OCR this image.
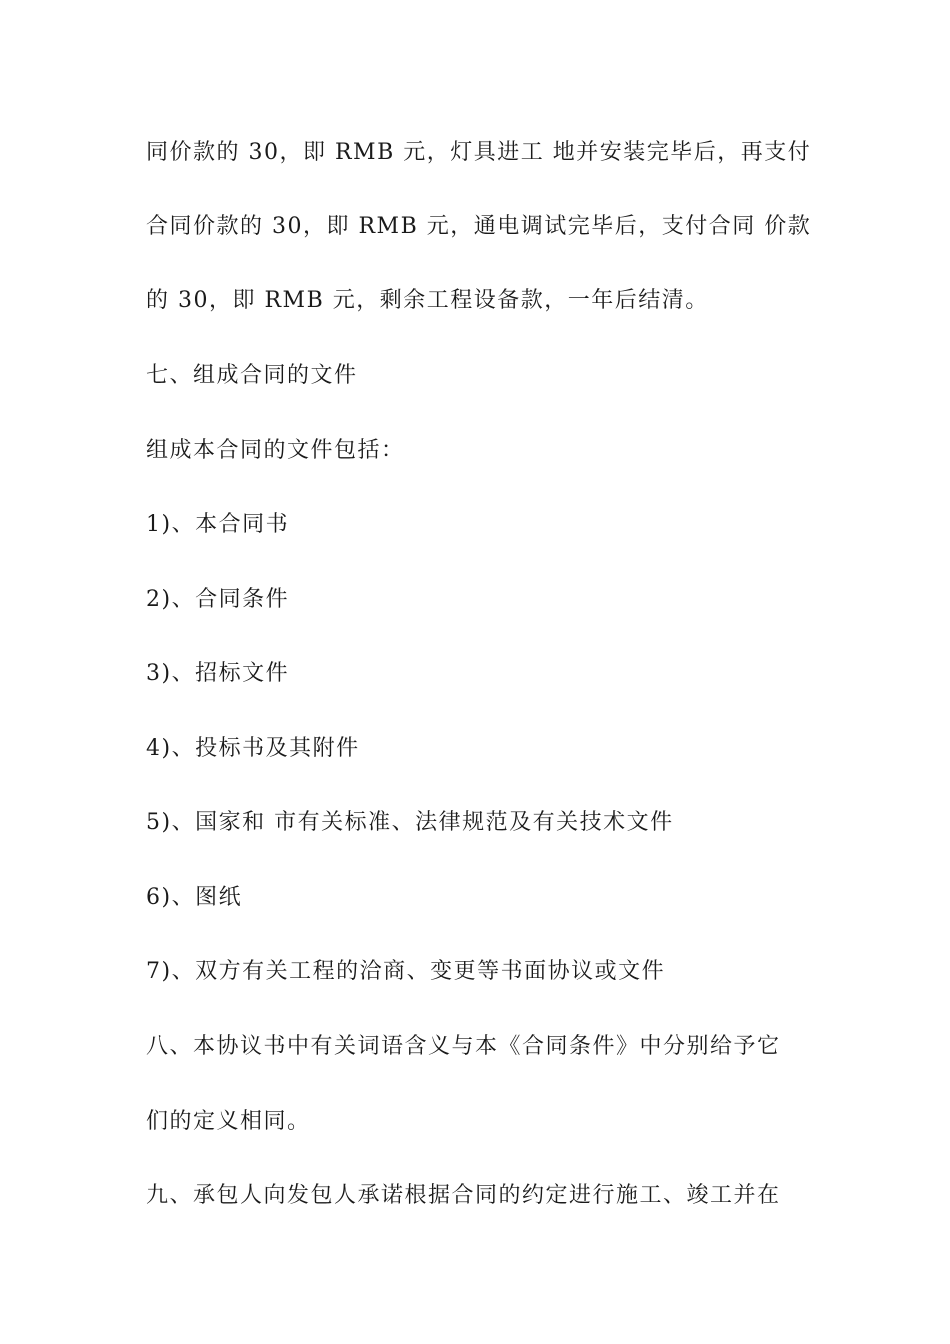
同价款的 30，即 RMB 元，灯具进工 地并安装完毕后，再支付
合同价款的 30，即 RMB 元，通电调试完毕后，支付合同 价款
的 30，即 RMB 元，剩余工程设备款，一年后结清。
七、组成合同的文件
组成本合同的文件包括：
1)、本合同书
2)、合同条件
3)、招标文件
4)、投标书及其附件
5)、国家和 市有关标准、法律规范及有关技术文件
6)、图纸
7)、双方有关工程的洽商、变更等书面协议或文件
八、本协议书中有关词语含义与本《合同条件》中分别给予它
们的定义相同。
九、承包人向发包人承诺根据合同的约定进行施工、竣工并在
